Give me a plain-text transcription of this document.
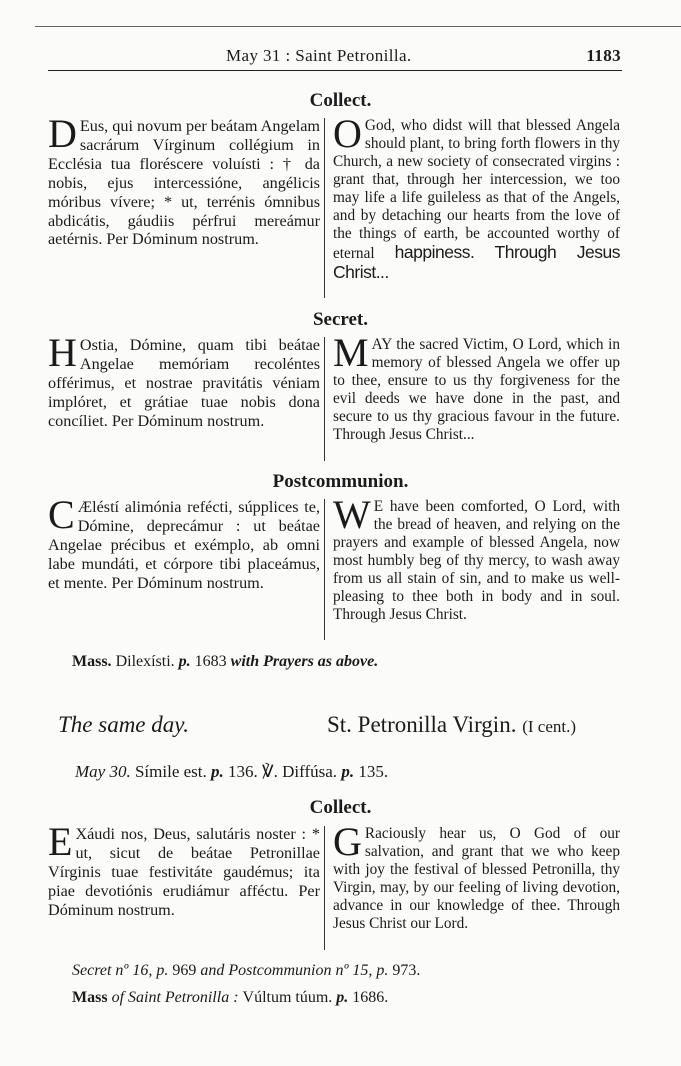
May 31 : Saint Petronilla.	1183
Collect.
D Eus, qui novum per beátam Angelam sacrárum Vírginum collégium in Ecclésia tua floréscere voluísti : † da nobis, ejus intercessióne, angélicis móribus vívere; * ut, terrénis ómnibus abdicátis, gáudiis pérfrui mereámur aetérnis. Per Dóminum nostrum.
O God, who didst will that blessed Angela should plant, to bring forth flowers in thy Church, a new society of consecrated virgins : grant that, through her intercession, we too may life a life guileless as that of the Angels, and by detaching our hearts from the love of the things of earth, be accounted worthy of eternal happiness. Through Jesus Christ...
Secret.
H Ostia, Dómine, quam tibi beátae Angelae memóriam recoléntes offérimus, et nostrae pravitátis véniam implóret, et grátiae tuae nobis dona concíliet. Per Dóminum nostrum.
MAY the sacred Victim, O Lord, which in memory of blessed Angela we offer up to thee, ensure to us thy forgiveness for the evil deeds we have done in the past, and secure to us thy gracious favour in the future. Through Jesus Christ...
Postcommunion.
C Æléstí alimónia refécti, súpplices te, Dómine, deprecámur : ut beátae Angelae précibus et exémplo, ab omni labe mundáti, et córpore tibi placeámus, et mente. Per Dóminum nostrum.
W E have been comforted, O Lord, with the bread of heaven, and relying on the prayers and example of blessed Angela, now most humbly beg of thy mercy, to wash away from us all stain of sin, and to make us well-pleasing to thee both in body and in soul. Through Jesus Christ.
Mass. Dilexísti. p. 1683 with Prayers as above.
The same day.	St. Petronilla Virgin. (I cent.)
May 30. Símile est. p. 136. ℣. Diffúsa. p. 135.
Collect.
E Xáudi nos, Deus, salutáris noster : * ut, sicut de beátae Petronillae Vírginis tuae festivitáte gaudémus; ita piae devotiónis erudiámur afféctu. Per Dóminum nostrum.
G Raciously hear us, O God of our salvation, and grant that we who keep with joy the festival of blessed Petronilla, thy Virgin, may, by our feeling of living devotion, advance in our knowledge of thee. Through Jesus Christ our Lord.
Secret nº 16, p. 969 and Postcommunion nº 15, p. 973.
Mass of Saint Petronilla : Vúltum túum. p. 1686.
